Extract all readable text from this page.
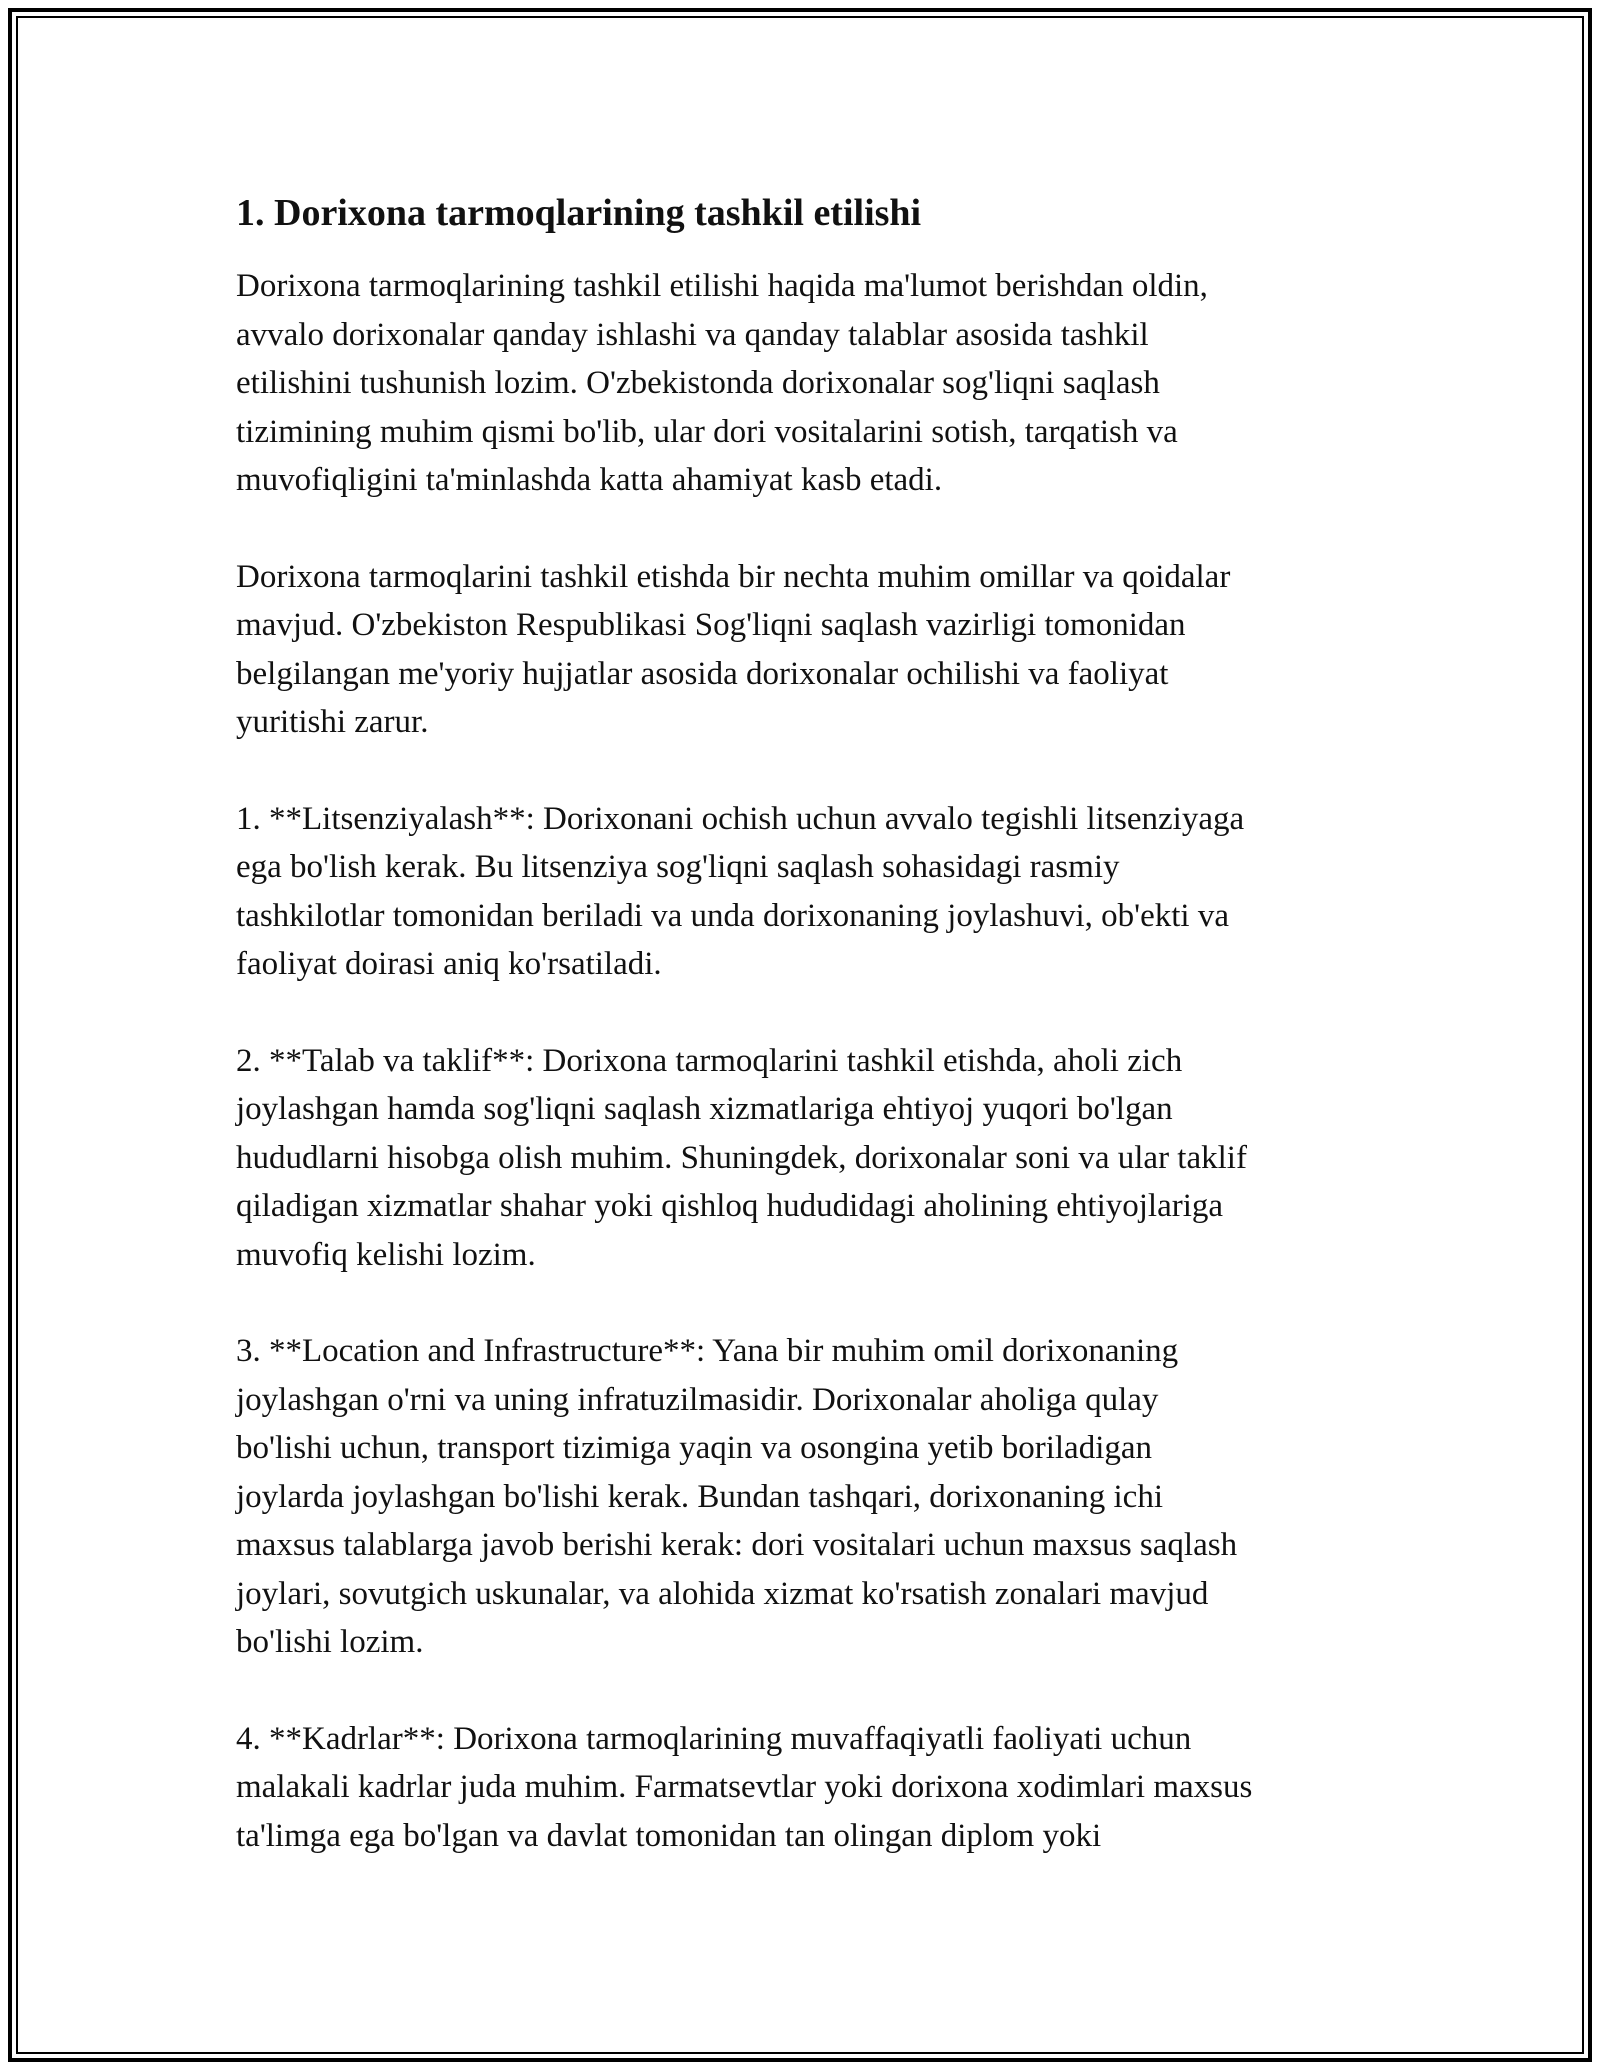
1. Dorixona tarmoqlarining tashkil etilishi

Dorixona tarmoqlarining tashkil etilishi haqida ma'lumot berishdan oldin,
avvalo dorixonalar qanday ishlashi va qanday talablar asosida tashkil
etilishini tushunish lozim. O'zbekistonda dorixonalar sog'liqni saqlash
tizimining muhim qismi bo'lib, ular dori vositalarini sotish, tarqatish va
muvofiqligini ta'minlashda katta ahamiyat kasb etadi.

Dorixona tarmoqlarini tashkil etishda bir nechta muhim omillar va qoidalar
mavjud. O'zbekiston Respublikasi Sog'liqni saqlash vazirligi tomonidan
belgilangan me'yoriy hujjatlar asosida dorixonalar ochilishi va faoliyat
yuritishi zarur.

1. **Litsenziyalash**: Dorixonani ochish uchun avvalo tegishli litsenziyaga
ega bo'lish kerak. Bu litsenziya sog'liqni saqlash sohasidagi rasmiy
tashkilotlar tomonidan beriladi va unda dorixonaning joylashuvi, ob'ekti va
faoliyat doirasi aniq ko'rsatiladi.

2. **Talab va taklif**: Dorixona tarmoqlarini tashkil etishda, aholi zich
joylashgan hamda sog'liqni saqlash xizmatlariga ehtiyoj yuqori bo'lgan
hududlarni hisobga olish muhim. Shuningdek, dorixonalar soni va ular taklif
qiladigan xizmatlar shahar yoki qishloq hududidagi aholining ehtiyojlariga
muvofiq kelishi lozim.

3. **Location and Infrastructure**: Yana bir muhim omil dorixonaning
joylashgan o'rni va uning infratuzilmasidir. Dorixonalar aholiga qulay
bo'lishi uchun, transport tizimiga yaqin va osongina yetib boriladigan
joylarda joylashgan bo'lishi kerak. Bundan tashqari, dorixonaning ichi
maxsus talablarga javob berishi kerak: dori vositalari uchun maxsus saqlash
joylari, sovutgich uskunalar, va alohida xizmat ko'rsatish zonalari mavjud
bo'lishi lozim.

4. **Kadrlar**: Dorixona tarmoqlarining muvaffaqiyatli faoliyati uchun
malakali kadrlar juda muhim. Farmatsevtlar yoki dorixona xodimlari maxsus
ta'limga ega bo'lgan va davlat tomonidan tan olingan diplom yoki
